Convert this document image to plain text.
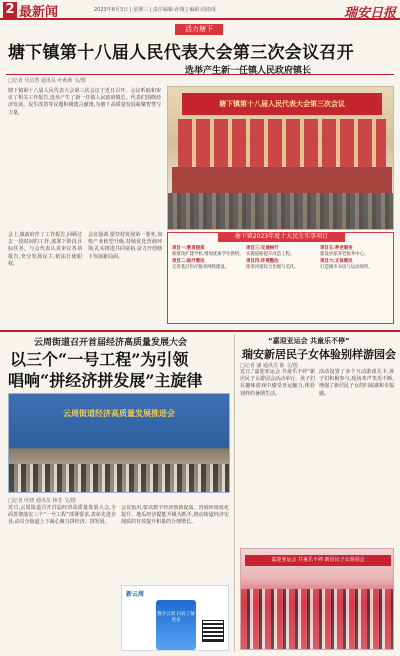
2 最新闻	2023年8月3日 | 星期三 | 责任编辑:孙翔 | 编辑:周雨成	瑞安日报
活力塘下
塘下镇第十八届人民代表大会第三次会议召开
选举产生新一任镇人民政府镇长
□记者 吴昌慧 通讯员 叶莉莉 文/图
塘下镇第十八届人民代表大会第三次会议于近日召开。会议听取和审议了相关工作报告,选举产生了新一任镇人民政府镇长。代表们围绕经济发展、民生改善等议题积极建言献策,为塘下高质量发展凝聚智慧与力量。
塘下镇第十八届人民代表大会第三次会议
会上,镇政府作了工作报告,回顾过去一段时间的工作,部署下阶段目标任务。与会代表认真审议各项报告,充分发扬民主,依法行使职权。
会议强调,要坚持发展第一要务,加快产业转型升级,持续优化营商环境,扎实推进共同富裕,奋力开创塘下发展新局面。
塘下镇2023年度十大民生实事项目
项目一:教育提质
新建改扩建学校,增加优质学位供给。
项目二:医疗惠民
完善基层医疗服务网络建设。
项目三:交通畅行
实施道路提升改造工程。
项目四:环境整治
推进河道综合治理与美化。
项目五:养老服务
建设居家养老服务中心。
项目六:文体惠民
打造城市书房与运动场所。
云周街道召开首届经济高质量发展大会
以三个“一号工程”为引领
唱响“拼经济拼发展”主旋律
云周街道经济高质量发展推进会
□记者 叶晓 通讯员 林芳 文/图
近日,云周街道召开首届经济高质量发展大会,全面贯彻落实三个“一号工程”部署要求,表彰先进企业,动员全街道上下凝心聚力拼经济、拼发展。
会议指出,要以数字经济创新提质、营商环境优化提升、地瓜经济提能升级为抓手,推动街道经济实现质的有效提升和量的合理增长。
新云周
数字云周 扫码了解更多
“嘉迎亚运会 共童乐不停”
瑞安新居民子女体验别样游园会
□记者 潘 通讯员 陈 文/图
近日,“嘉迎亚运会 共童乐不停”新居民子女游园会活动举行。孩子们在趣味游戏中感受亚运魅力,体验别样的暑期生活。
活动设置了多个互动游戏关卡,孩子们积极参与,现场欢声笑语不断,增强了新居民子女的归属感和幸福感。
嘉迎亚运会 共童乐不停 新居民子女游园会
